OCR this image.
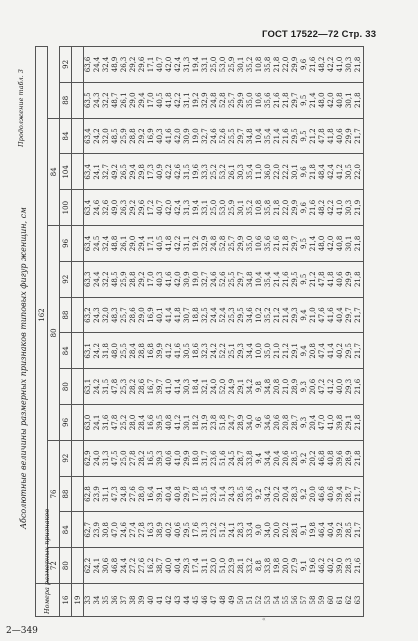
ГОСТ 17522—72 Стр. 33
Продолжение табл. 3
Абсолютные величины размерных признаков типовых фигур женщин, см
Номера размерных признаков	162														
	72	76			80						84				
16	80	84	88	92	96	80	84	88	92	96	100	104	84	88	92
19															
33	62,2	62,7	62,8	62,9	63,0	63,1	63,1	63,2	63,3	63,4	63,4	63,4	63,4	63,5	63,6
34	24,1	23,9	23,9	24,0	24,1	24,2	24,2	24,3	24,4	24,5	24,6	24,1	24,2	24,3	24,4
35	30,6	30,8	31,1	31,3	31,6	31,5	31,8	32,0	32,2	32,4	32,6	32,7	32,0	32,2	32,4
36	46,8	47,0	47,3	47,5	47,8	47,8	48,0	48,3	48,5	48,8	49,0	49,2	48,5	48,7	48,9
37	24,4	24,6	24,8	25,0	25,2	25,3	25,5	25,7	25,9	26,1	26,3	26,5	25,9	26,1	26,3
38	27,2	27,4	27,6	27,8	28,0	28,2	28,4	28,6	28,8	29,0	29,2	29,4	28,8	29,0	29,2
39	27,6	27,8	28,0	28,2	28,4	28,6	28,8	29,0	29,2	29,4	29,6	29,8	29,2	29,4	29,6
40	16,2	16,3	16,4	16,5	16,6	16,7	16,8	16,9	17,0	17,1	17,2	17,3	16,9	17,0	17,1
41	38,7	38,9	39,1	39,3	39,5	39,7	39,9	40,1	40,3	40,5	40,7	40,9	40,3	40,5	40,7
42	40,0	40,2	40,4	40,6	40,8	41,0	41,2	41,4	41,6	41,8	42,0	42,2	41,6	41,8	42,0
43	40,4	40,6	40,8	41,0	41,2	41,4	41,6	41,8	42,0	42,2	42,4	42,6	42,0	42,2	42,4
44	29,3	29,5	29,7	29,9	30,1	30,3	30,5	30,7	30,9	31,1	31,3	31,5	30,9	31,1	31,3
45	17,4	17,6	17,8	18,0	18,2	18,4	18,6	18,8	19,0	19,2	19,4	19,6	19,0	19,2	19,4
46	31,1	31,3	31,5	31,7	31,9	32,1	32,3	32,5	32,7	32,9	33,1	33,3	32,7	32,9	33,1
47	23,0	23,2	23,4	23,6	23,8	24,0	24,2	24,4	24,6	24,8	25,0	25,2	24,6	24,8	25,0
48	51,0	51,2	51,4	51,6	51,8	52,0	52,2	52,4	52,6	52,8	53,0	53,2	52,6	52,8	53,0
49	23,9	24,1	24,3	24,5	24,7	24,9	25,1	25,3	25,5	25,7	25,9	26,1	25,5	25,7	25,9
50	28,1	28,3	28,5	28,7	28,9	29,1	29,3	29,5	29,7	29,9	30,1	30,3	29,7	29,9	30,1
51	33,2	33,4	33,6	33,8	34,0	34,2	34,4	34,6	34,8	35,0	35,2	35,4	34,8	35,0	35,2
52	8,8	9,0	9,2	9,4	9,6	9,8	10,0	10,2	10,4	10,6	10,8	11,0	10,4	10,6	10,8
53	33,8	34,0	34,2	34,4	34,6	34,8	35,0	35,2	35,4	35,6	35,8	36,0	35,4	35,6	35,8
54	19,8	20,0	20,2	20,4	20,6	20,8	21,0	21,2	21,4	21,6	21,8	22,0	21,4	21,6	21,8
55	20,0	20,2	20,4	20,6	20,8	21,0	21,2	21,4	21,6	21,8	22,0	22,2	21,6	21,8	22,0
56	27,9	28,1	28,3	28,5	28,7	28,9	29,1	29,3	29,5	29,7	29,9	30,1	29,5	29,7	29,9
57	9,1	9,1	9,2	9,2	9,3	9,3	9,4	9,4	9,5	9,5	9,6	9,6	9,5	9,5	9,6
58	19,6	19,8	20,0	20,2	20,4	20,6	20,8	21,0	21,2	21,4	21,6	21,8	21,2	21,4	21,6
59	46,2	46,4	46,6	46,8	47,0	47,2	47,4	47,6	47,8	48,0	48,2	48,4	47,8	48,0	48,2
60	40,2	40,4	40,6	40,8	41,0	41,2	41,4	41,6	41,8	42,0	42,2	42,4	41,8	42,0	42,2
61	39,0	39,2	39,4	39,6	39,8	40,0	40,2	40,4	40,6	40,8	41,0	41,2	40,6	40,8	41,0
62	28,3	28,5	28,7	28,9	29,1	29,3	29,5	29,7	29,9	30,1	30,3	30,5	29,9	30,1	30,3
63	21,6	21,7	21,7	21,8	21,8	21,6	21,7	21,7	21,8	21,8	21,9	22,0	21,7	21,8	21,8
«
2—349
